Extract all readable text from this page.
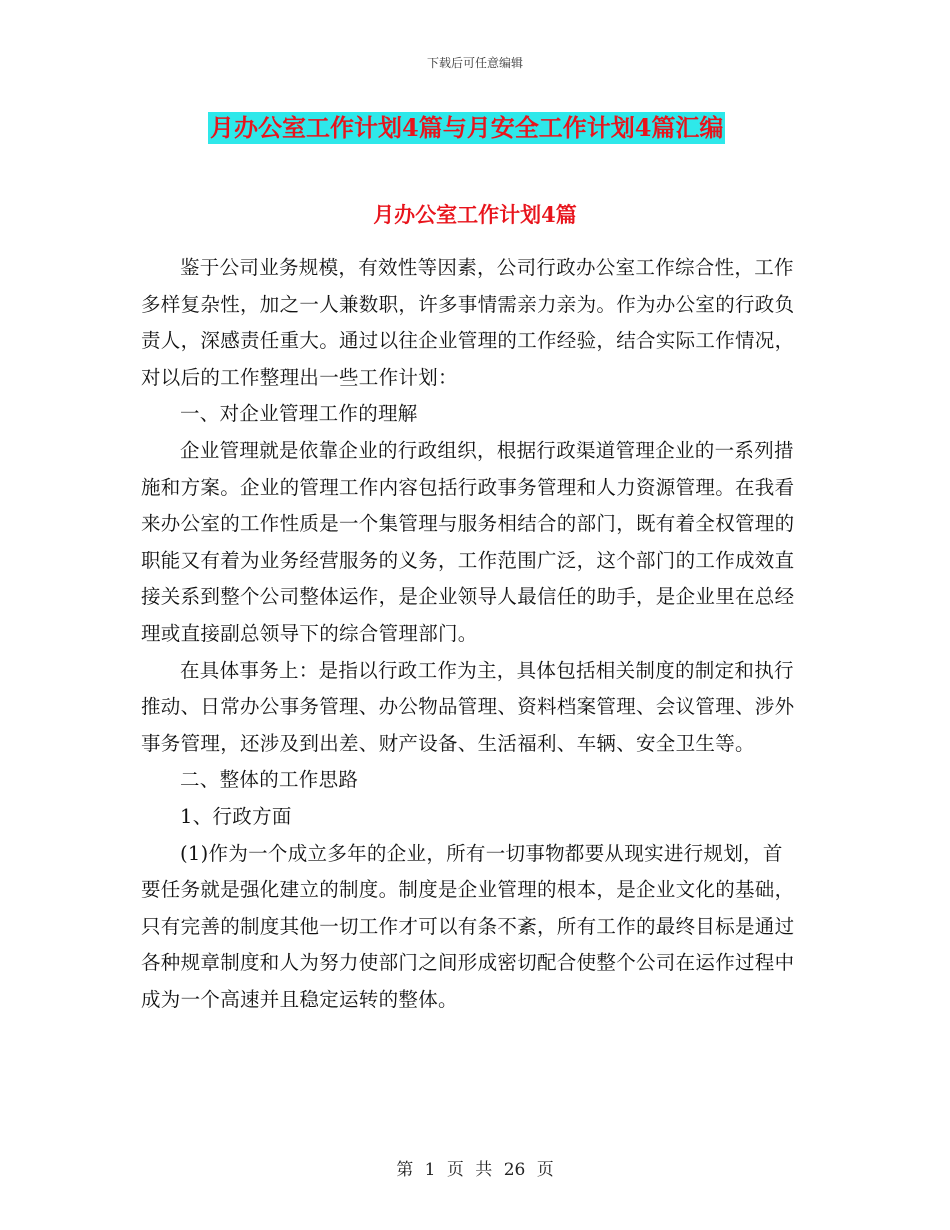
下载后可任意编辑
月办公室工作计划4篇与月安全工作计划4篇汇编
月办公室工作计划4篇

鉴于公司业务规模，有效性等因素，公司行政办公室工作综合性，工作多样复杂性，加之一人兼数职，许多事情需亲力亲为。作为办公室的行政负责人，深感责任重大。通过以往企业管理的工作经验，结合实际工作情况，对以后的工作整理出一些工作计划：

一、对企业管理工作的理解

企业管理就是依靠企业的行政组织，根据行政渠道管理企业的一系列措施和方案。企业的管理工作内容包括行政事务管理和人力资源管理。在我看来办公室的工作性质是一个集管理与服务相结合的部门，既有着全权管理的职能又有着为业务经营服务的义务，工作范围广泛，这个部门的工作成效直接关系到整个公司整体运作，是企业领导人最信任的助手，是企业里在总经理或直接副总领导下的综合管理部门。

在具体事务上：是指以行政工作为主，具体包括相关制度的制定和执行推动、日常办公事务管理、办公物品管理、资料档案管理、会议管理、涉外事务管理，还涉及到出差、财产设备、生活福利、车辆、安全卫生等。

二、整体的工作思路

1、行政方面

(1)作为一个成立多年的企业，所有一切事物都要从现实进行规划，首要任务就是强化建立的制度。制度是企业管理的根本，是企业文化的基础，只有完善的制度其他一切工作才可以有条不紊，所有工作的最终目标是通过各种规章制度和人为努力使部门之间形成密切配合使整个公司在运作过程中成为一个高速并且稳定运转的整体。

第 1 页 共 26 页
